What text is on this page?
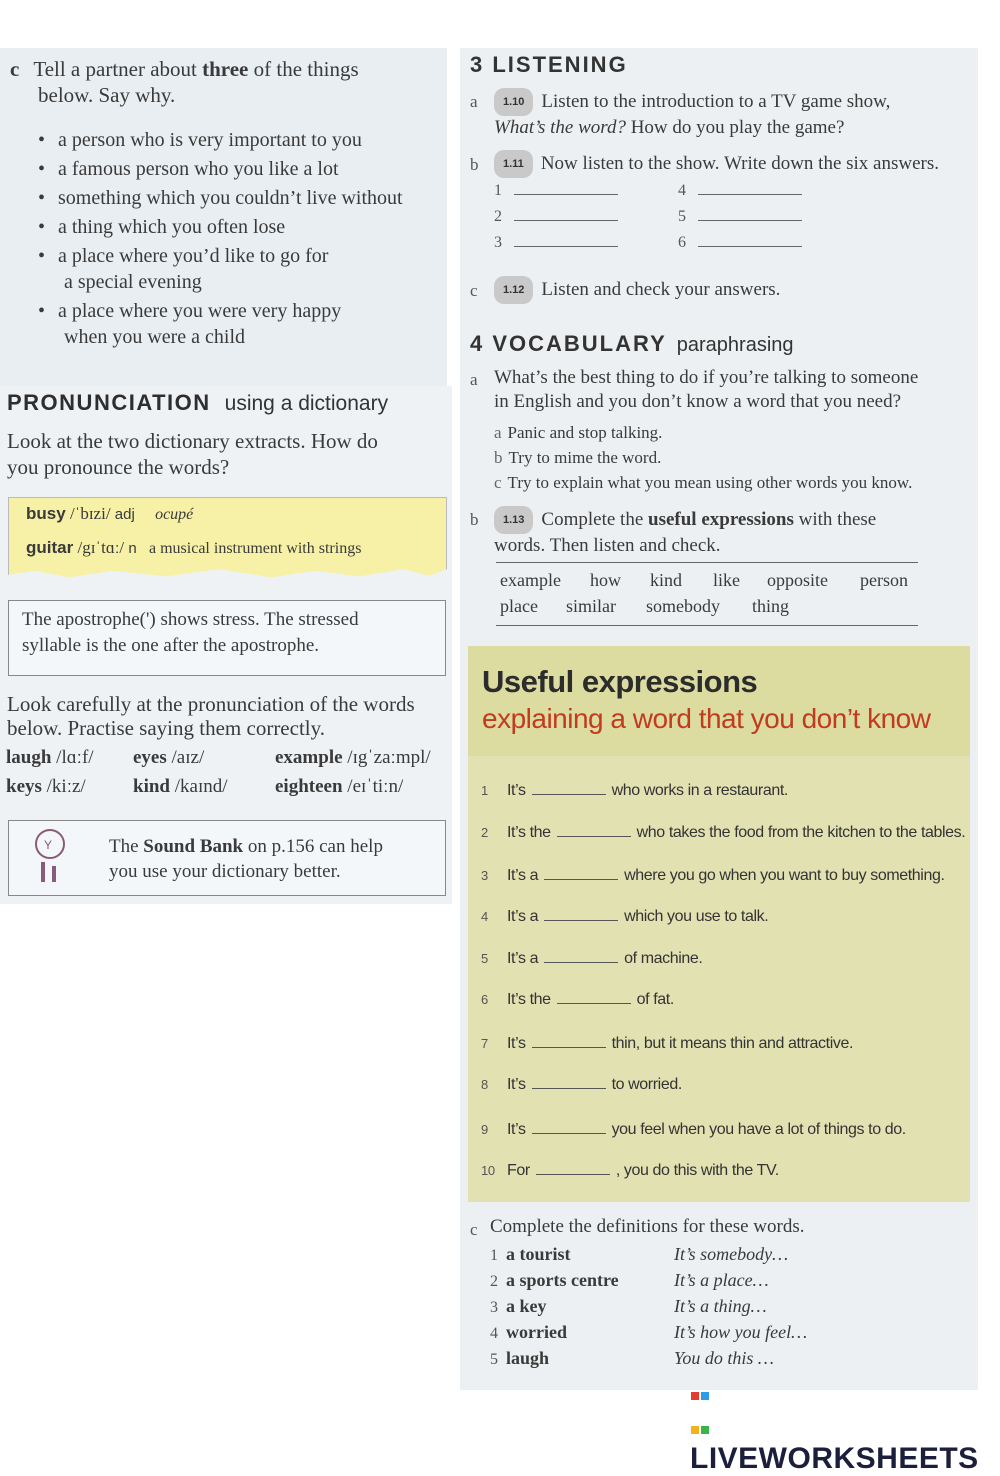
c Tell a partner about three of the things
below. Say why.
• a person who is very important to you
• a famous person who you like a lot
• something which you couldn’t live without
• a thing which you often lose
• a place where you’d like to go for
a special evening
• a place where you were very happy
when you were a child
PRONUNCIATION using a dictionary
Look at the two dictionary extracts. How do
you pronounce the words?
busy /ˈbɪzi/ adj ocupé
guitar /gɪˈtɑː/ n a musical instrument with strings
The apostrophe(') shows stress. The stressed
syllable is the one after the apostrophe.
Look carefully at the pronunciation of the words
below. Practise saying them correctly.
laugh /lɑːf/ eyes /aɪz/	example /ɪgˈzaːmpl/
keys /kiːz/ kind /kaɪnd/ eighteen /eɪˈtiːn/
Y	The Sound Bank on p.156 can help
you use your dictionary better.
3 LISTENING
a	1.10 Listen to the introduction to a TV game show,
What’s the word? How do you play the game?
b	1.11 Now listen to the show. Write down the six answers.
1
2
3
4
5
6
c	1.12 Listen and check your answers.
4 VOCABULARY paraphrasing
a What’s the best thing to do if you’re talking to someone
in English and you don’t know a word that you need?
a Panic and stop talking.
b Try to mime the word.
c Try to explain what you mean using other words you know.
b	1.13 Complete the useful expressions with these
words. Then listen and check.
example how kind like opposite person
place similar somebody thing
Useful expressions
explaining a word that you don’t know
1 It’s	who works in a restaurant.
2 It’s the	who takes the food from the kitchen to the tables.
3 It’s a	where you go when you want to buy something.
4 It’s a	which you use to talk.
5 It’s a	of machine.
6 It’s the	of fat.
7 It’s	thin, but it means thin and attractive.
8 It’s	to worried.
9 It’s	you feel when you have a lot of things to do.
10 For	, you do this with the TV.
c Complete the definitions for these words.
1 a tourist	It’s somebody…
2 a sports centre	It’s a place…
3 a key	It’s a thing…
4 worried	It’s how you feel…
5 laugh	You do this …

LIVEWORKSHEETS
